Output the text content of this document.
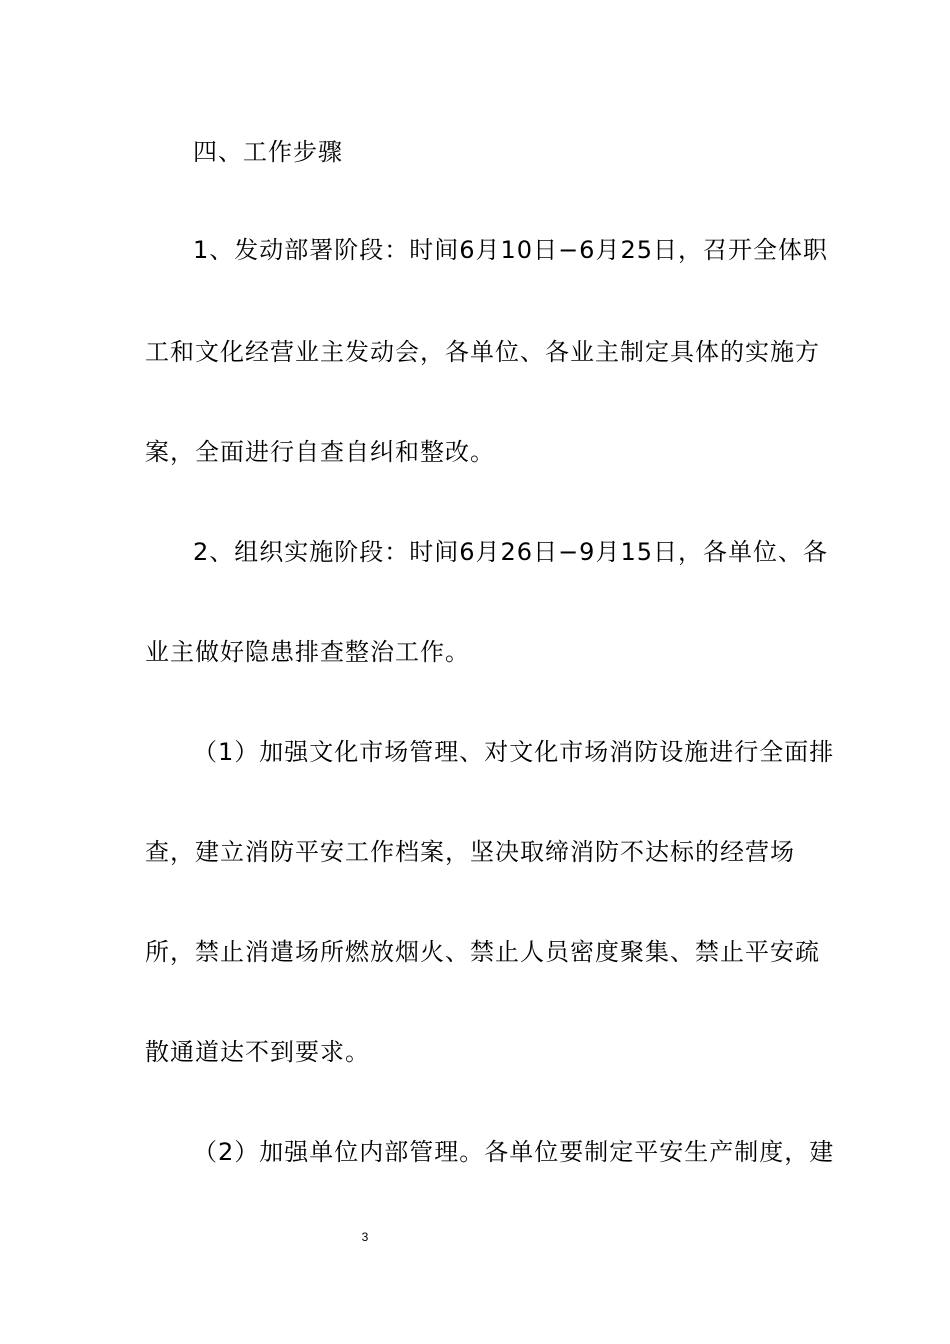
四、工作步骤
1、发动部署阶段：时间6月10日−6月25日，召开全体职
工和文化经营业主发动会，各单位、各业主制定具体的实施方
案，全面进行自查自纠和整改。
2、组织实施阶段：时间6月26日−9月15日，各单位、各
业主做好隐患排查整治工作。
（1）加强文化市场管理、对文化市场消防设施进行全面排
查，建立消防平安工作档案，坚决取缔消防不达标的经营场
所，禁止消遣场所燃放烟火、禁止人员密度聚集、禁止平安疏
散通道达不到要求。
（2）加强单位内部管理。各单位要制定平安生产制度，建
3
